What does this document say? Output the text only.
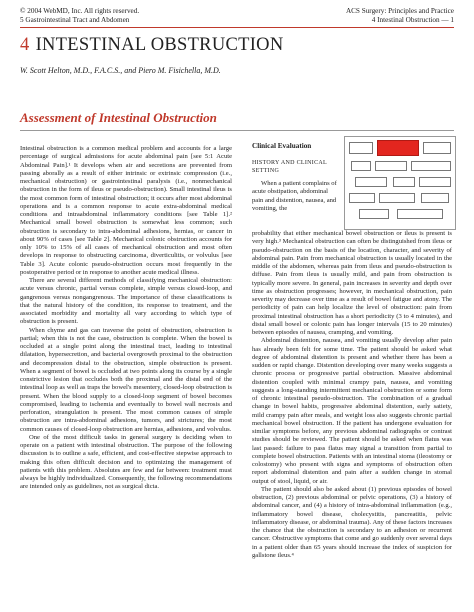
© 2004 WebMD, Inc. All rights reserved.
5 Gastrointestinal Tract and Abdomen
ACS Surgery: Principles and Practice
4 Intestinal Obstruction — 1
4 INTESTINAL OBSTRUCTION
W. Scott Helton, M.D., F.A.C.S., and Piero M. Fisichella, M.D.
Assessment of Intestinal Obstruction

Intestinal obstruction is a common medical problem and accounts for a large percentage of surgical admissions for acute abdominal pain [see 5:1 Acute Abdominal Pain].¹ It develops when air and secretions are prevented from passing aborally as a result of either intrinsic or extrinsic compression (i.e., mechanical obstruction) or gastrointestinal paralysis (i.e., nonmechanical obstruction in the form of ileus or pseudo-obstruction). Small intestinal ileus is the most common form of intestinal obstruction; it occurs after most abdominal operations and is a common response to acute extra-abdominal medical conditions and intraabdominal inflammatory conditions [see Table 1].² Mechanical small bowel obstruction is somewhat less common; such obstruction is secondary to intra-abdominal adhesions, hernias, or cancer in about 90% of cases [see Table 2]. Mechanical colonic obstruction accounts for only 10% to 15% of all cases of mechanical obstruction and most often develops in response to obstructing carcinoma, diverticulitis, or volvulus [see Table 3]. Acute colonic pseudo-obstruction occurs most frequently in the postoperative period or in response to another acute medical illness.

There are several different methods of classifying mechanical obstruction: acute versus chronic, partial versus complete, simple versus closed-loop, and gangrenous versus nongangrenous. The importance of these classifications is that the natural history of the condition, its response to treatment, and the associated morbidity and mortality all vary according to which type of obstruction is present.

When chyme and gas can traverse the point of obstruction, obstruction is partial; when this is not the case, obstruction is complete. When the bowel is occluded at a single point along the intestinal tract, leading to intestinal dilatation, hypersecretion, and bacterial overgrowth proximal to the obstruction and decompression distal to the obstruction, simple obstruction is present. When a segment of bowel is occluded at two points along its course by a single constrictive lesion that occludes both the proximal and the distal end of the intestinal loop as well as traps the bowel's mesentery, closed-loop obstruction is present. When the blood supply to a closed-loop segment of bowel becomes compromised, leading to ischemia and eventually to bowel wall necrosis and perforation, strangulation is present. The most common causes of simple obstruction are intra-abdominal adhesions, tumors, and strictures; the most common causes of closed-loop obstruction are hernias, adhesions, and volvulus.

One of the most difficult tasks in general surgery is deciding when to operate on a patient with intestinal obstruction. The purpose of the following discussion is to outline a safe, efficient, and cost-effective stepwise approach to making this often difficult decision and to optimizing the management of patients with this problem. Absolutes are few and far between: treatment must always be highly individualized. Consequently, the following recommendations are intended only as guidelines, not as surgical dicta.

Clinical Evaluation
HISTORY AND CLINICAL
SETTING

When a patient complains of acute obstipation, abdominal pain and distention, nausea, and vomiting, the

probability that either mechanical bowel obstruction or ileus is present is very high.³ Mechanical obstruction can often be distinguished from ileus or pseudo-obstruction on the basis of the location, character, and severity of abdominal pain. Pain from mechanical obstruction is usually located in the middle of the abdomen, whereas pain from ileus and pseudo-obstruction is diffuse. Pain from ileus is usually mild, and pain from obstruction is typically more severe. In general, pain increases in severity and depth over time as obstruction progresses; however, in mechanical obstruction, pain severity may decrease over time as a result of bowel fatigue and atony. The periodicity of pain can help localize the level of obstruction: pain from proximal intestinal obstruction has a short periodicity (3 to 4 minutes), and distal small bowel or colonic pain has longer intervals (15 to 20 minutes) between episodes of nausea, cramping, and vomiting.

Abdominal distention, nausea, and vomiting usually develop after pain has already been felt for some time. The patient should be asked what degree of abdominal distention is present and whether there has been a sudden or rapid change. Distention developing over many weeks suggests a chronic process or progressive partial obstruction. Massive abdominal distention coupled with minimal crampy pain, nausea, and vomiting suggests a long-standing intermittent mechanical obstruction or some form of chronic intestinal pseudo-obstruction. The combination of a gradual change in bowel habits, progressive abdominal distention, early satiety, mild crampy pain after meals, and weight loss also suggests chronic partial mechanical bowel obstruction. If the patient has undergone evaluation for similar symptoms before, any previous abdominal radiographs or contrast studies should be reviewed. The patient should be asked when flatus was last passed: failure to pass flatus may signal a transition from partial to complete bowel obstruction. Patients with an intestinal stoma (ileostomy or colostomy) who present with signs and symptoms of obstruction often report abdominal distention and pain after a sudden change in stomal output of stool, liquid, or air.

The patient should also be asked about (1) previous episodes of bowel obstruction, (2) previous abdominal or pelvic operations, (3) a history of abdominal cancer, and (4) a history of intra-abdominal inflammation (e.g., inflammatory bowel disease, cholecystitis, pancreatitis, pelvic inflammatory disease, or abdominal trauma). Any of these factors increases the chance that the obstruction is secondary to an adhesion or recurrent cancer. Obstructive symptoms that come and go suddenly over several days in a patient older than 65 years should increase the index of suspicion for gallstone ileus.⁴
